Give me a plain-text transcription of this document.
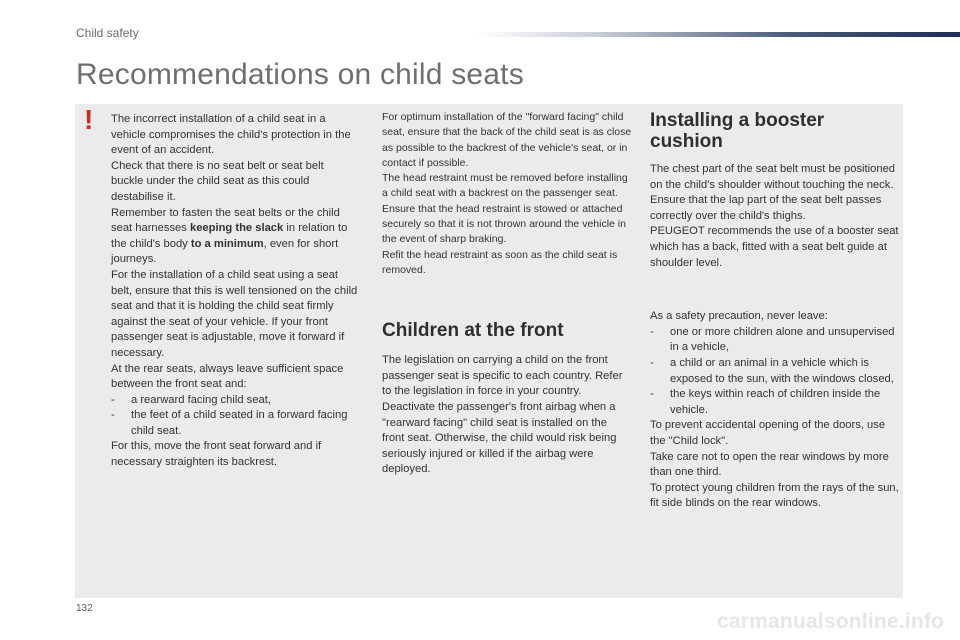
Child safety
Recommendations on child seats
! The incorrect installation of a child seat in a vehicle compromises the child's protection in the event of an accident.

Check that there is no seat belt or seat belt buckle under the child seat as this could destabilise it.

Remember to fasten the seat belts or the child seat harnesses keeping the slack in relation to the child's body to a minimum, even for short journeys.

For the installation of a child seat using a seat belt, ensure that this is well tensioned on the child seat and that it is holding the child seat firmly against the seat of your vehicle. If your front passenger seat is adjustable, move it forward if necessary.

At the rear seats, always leave sufficient space between the front seat and:

-	a rearward facing child seat,
-	the feet of a child seated in a forward facing child seat.

For this, move the front seat forward and if necessary straighten its backrest.

For optimum installation of the "forward facing" child seat, ensure that the back of the child seat is as close as possible to the backrest of the vehicle's seat, or in contact if possible.

The head restraint must be removed before installing a child seat with a backrest on the passenger seat.

Ensure that the head restraint is stowed or attached securely so that it is not thrown around the vehicle in the event of sharp braking.

Refit the head restraint as soon as the child seat is removed.

Children at the front

The legislation on carrying a child on the front passenger seat is specific to each country. Refer to the legislation in force in your country.

Deactivate the passenger's front airbag when a "rearward facing" child seat is installed on the front seat. Otherwise, the child would risk being seriously injured or killed if the airbag were deployed.

Installing a booster cushion

The chest part of the seat belt must be positioned on the child's shoulder without touching the neck.

Ensure that the lap part of the seat belt passes correctly over the child's thighs.

PEUGEOT recommends the use of a booster seat which has a back, fitted with a seat belt guide at shoulder level.

As a safety precaution, never leave:

-	one or more children alone and unsupervised in a vehicle,
-	a child or an animal in a vehicle which is exposed to the sun, with the windows closed,
-	the keys within reach of children inside the vehicle.

To prevent accidental opening of the doors, use the "Child lock".

Take care not to open the rear windows by more than one third.

To protect young children from the rays of the sun, fit side blinds on the rear windows.

132
carmanualsonline.info
